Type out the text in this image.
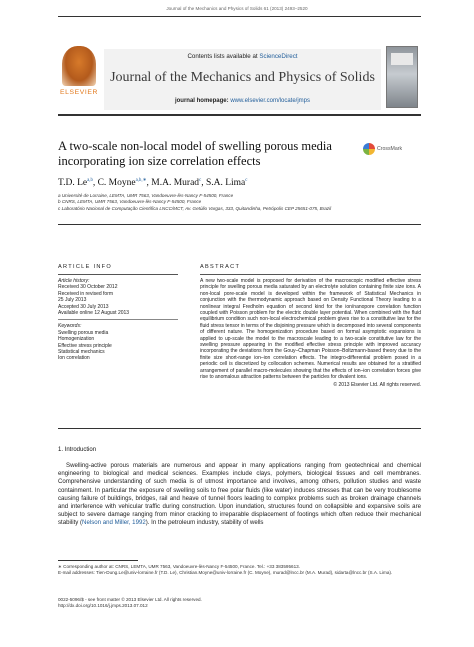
Journal of the Mechanics and Physics of Solids 61 (2013) 2493–2520
ELSEVIER
Contents lists available at ScienceDirect
Journal of the Mechanics and Physics of Solids
journal homepage: www.elsevier.com/locate/jmps
A two-scale non-local model of swelling porous media incorporating ion size correlation effects
CrossMark
T.D. Le$^{a,b}$, C. Moyne$^{a,b,∗}$, M.A. Murad$^c$, S.A. Lima$^c$
a Université de Lorraine, LEMTA, UMR 7563, Vandoeuvre-lès-Nancy F-54500, France
b CNRS, LEMTA, UMR 7563, Vandoeuvre-lès-Nancy F-54500, France
c Laboratório Nacional de Computação Científica LNCC/MCT, Av. Getúlio Vargas, 333, Quitandinha, Petrópolis CEP 25651-075, Brazil
ARTICLE INFO
Article history:
Received 30 October 2012
Received in revised form
25 July 2013
Accepted 30 July 2013
Available online 12 August 2013
Keywords:
Swelling porous media
Homogenization
Effective stress principle
Statistical mechanics
Ion correlation
ABSTRACT
A new two-scale model is proposed for derivation of the macroscopic modified effective stress principle for swelling porous media saturated by an electrolyte solution containing finite size ions. A non-local pore-scale model is developed within the framework of Statistical Mechanics in conjunction with the thermodynamic approach based on Density Functional Theory leading to a nonlinear integral Fredholm equation of second kind for the ion/nanopore correlation function coupled with Poisson problem for the electric double layer potential. When combined with the fluid equilibrium condition such non-local electrochemical problem gives rise to a constitutive law for the fluid stress tensor in terms of the disjoining pressure which is decomposed into several components of different nature. The homogenization procedure based on formal asymptotic expansions is applied to up-scale the model to the macroscale leading to a two-scale constitutive law for the swelling pressure appearing in the modified effective stress principle with improved accuracy incorporating the deviations from the Gouy–Chapman Poisson–Boltzmann-based theory due to the finite size short-range ion–ion correlation effects. The integro-differential problem posed in a periodic cell is discretized by collocation schemes. Numerical results are obtained for a stratified arrangement of parallel macro-molecules showing that the effects of ion–ion correlation forces give rise to anomalous attraction patterns between the particles for divalent ions.
© 2013 Elsevier Ltd. All rights reserved.
1. Introduction
Swelling-active porous materials are numerous and appear in many applications ranging from geotechnical and chemical engineering to biological and medical sciences. Examples include clays, polymers, biological tissues and cell membranes. Comprehensive understanding of such media is of utmost importance and involves, among others, pollution studies and waste containment. In particular the exposure of swelling soils to free polar fluids (like water) induces stresses that can be very troublesome causing failure of buildings, bridges, rail and heave of tunnel floors leading to complex problems such as broken drainage channels and interference with vehicular traffic during construction. Upon inundation, structures found on collapsible and expansive soils are subject to severe damage ranging from minor cracking to irreparable displacement of footings which often reduce their mechanical stability (Nelson and Miller, 1992). In the petroleum industry, stability of wells
∗ Corresponding author at: CNRS, LEMTA, UMR 7563, Vandoeuvre-lès-Nancy F-54500, France. Tel.: +33 383595613.
E-mail addresses: Tien-Dung.Le@univ-lorraine.fr (T.D. Le), Christian.Moyne@univ-lorraine.fr (C. Moyne), murad@lncc.br (M.A. Murad), sidarta@lncc.br (S.A. Lima).
0022-5096/$ - see front matter © 2013 Elsevier Ltd. All rights reserved.
http://dx.doi.org/10.1016/j.jmps.2013.07.012
